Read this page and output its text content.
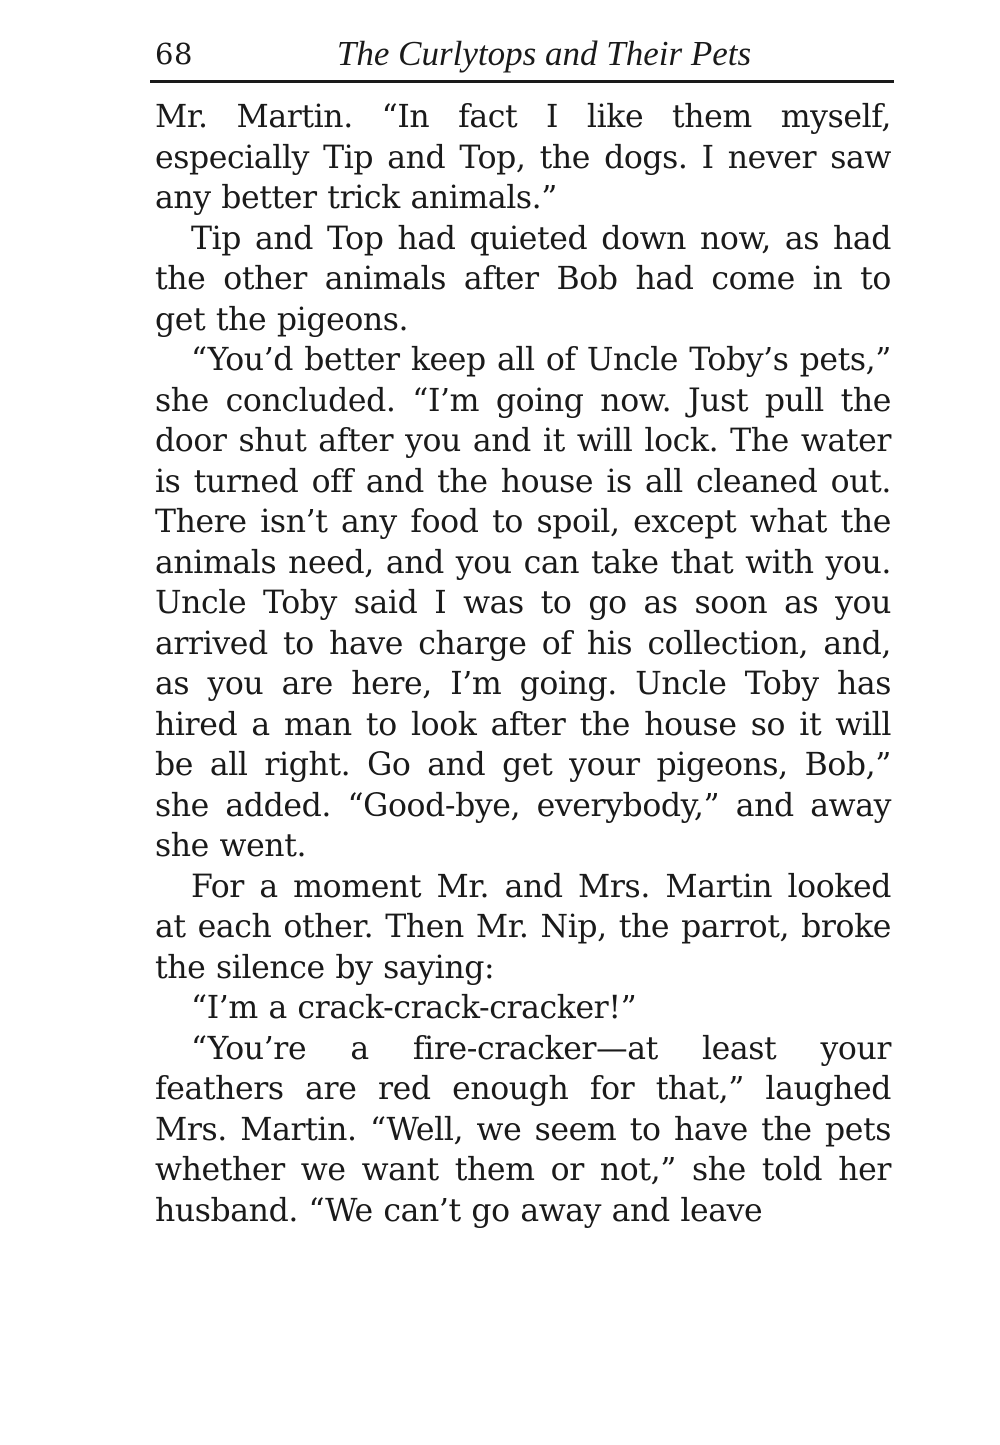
68	The Curlytops and Their Pets

Mr. Martin. “In fact I like them myself, especially Tip and Top, the dogs. I never saw any better trick animals.”

Tip and Top had quieted down now, as had the other animals after Bob had come in to get the pigeons.

“You’d better keep all of Uncle Toby’s pets,” she concluded. “I’m going now. Just pull the door shut after you and it will lock. The water is turned off and the house is all cleaned out. There isn’t any food to spoil, except what the animals need, and you can take that with you. Uncle Toby said I was to go as soon as you arrived to have charge of his collection, and, as you are here, I’m going. Uncle Toby has hired a man to look after the house so it will be all right. Go and get your pigeons, Bob,” she added. “Good-bye, everybody,” and away she went.

For a moment Mr. and Mrs. Martin looked at each other. Then Mr. Nip, the parrot, broke the silence by saying:

“I’m a crack-crack-cracker!”

“You’re a fire-cracker—at least your feathers are red enough for that,” laughed Mrs. Martin. “Well, we seem to have the pets whether we want them or not,” she told her husband. “We can’t go away and leave
